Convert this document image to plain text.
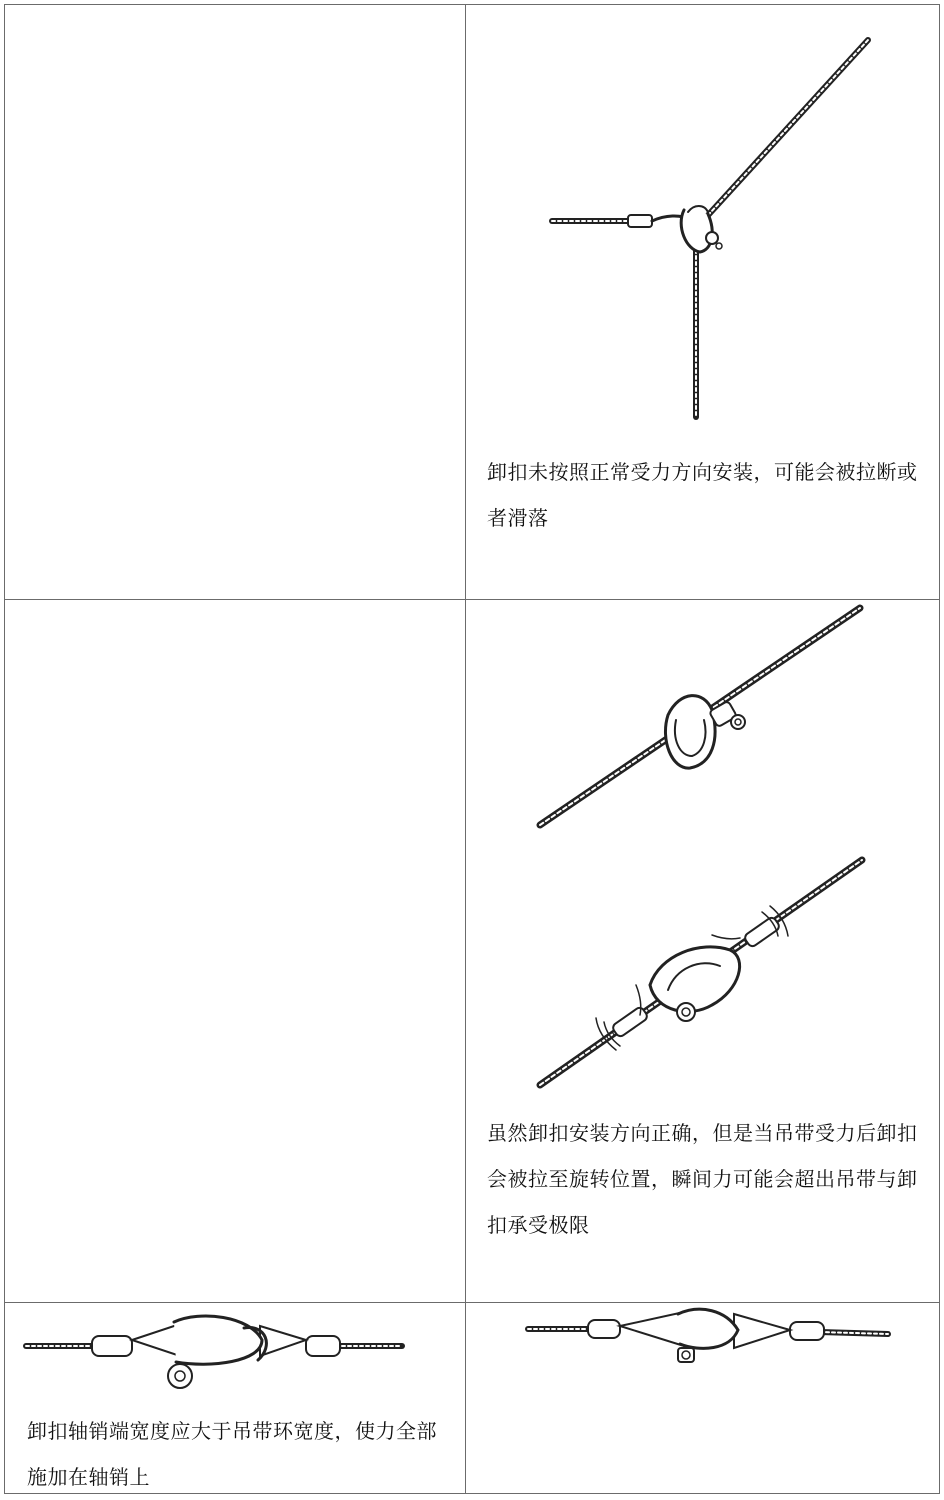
卸扣未按照正常受力方向安装，可能会被拉断或者滑落
虽然卸扣安装方向正确，但是当吊带受力后卸扣会被拉至旋转位置，瞬间力可能会超出吊带与卸扣承受极限
卸扣轴销端宽度应大于吊带环宽度，使力全部施加在轴销上
